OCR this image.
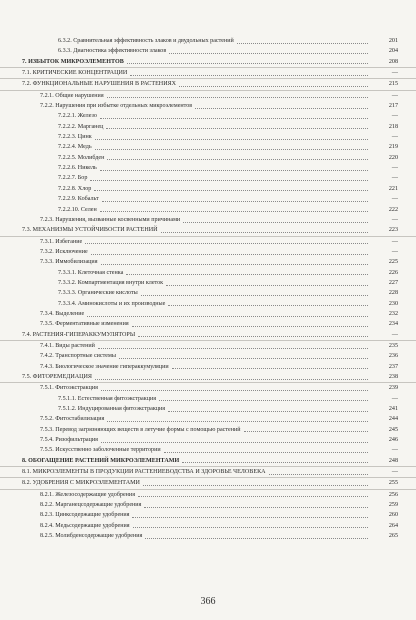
6.3.2. Сравнительная эффективность злаков и двудольных растений	201
6.3.3. Диагностика эффективности злаков	204
7. ИЗБЫТОК МИКРОЭЛЕМЕНТОВ	208
7.1. КРИТИЧЕСКИЕ КОНЦЕНТРАЦИИ	—
7.2. ФУНКЦИОНАЛЬНЫЕ НАРУШЕНИЯ В РАСТЕНИЯХ	215
7.2.1. Общие нарушения	—
7.2.2. Нарушения при избытке отдельных микроэлементов	217
7.2.2.1. Железо	—
7.2.2.2. Марганец	218
7.2.2.3. Цинк	—
7.2.2.4. Медь	219
7.2.2.5. Молибден	220
7.2.2.6. Никель	—
7.2.2.7. Бор	—
7.2.2.8. Хлор	221
7.2.2.9. Кобальт	—
7.2.2.10. Селен	222
7.2.3. Нарушения, вызванные косвенными причинами	—
7.3. МЕХАНИЗМЫ УСТОЙЧИВОСТИ РАСТЕНИЙ	223
7.3.1. Избегание	—
7.3.2. Исключение	—
7.3.3. Иммобилизация	225
7.3.3.1. Клеточная стенка	226
7.3.3.2. Компартментация внутри клеток	227
7.3.3.3. Органические кислоты	228
7.3.3.4. Аминокислоты и их производные	230
7.3.4. Выделение	232
7.3.5. Ферментативные изменения	234
7.4. РАСТЕНИЯ-ГИПЕРАККУМУЛЯТОРЫ	—
7.4.1. Виды растений	235
7.4.2. Транспортные системы	236
7.4.3. Биологическое значение гипераккумуляции	237
7.5. ФИТОРЕМЕДИАЦИЯ	238
7.5.1. Фитоэкстракция	239
7.5.1.1. Естественная фитоэкстракция	—
7.5.1.2. Индуцированная фитоэкстракция	241
7.5.2. Фитостабилизация	244
7.5.3. Перевод загрязняющих веществ в летучие формы с помощью растений	245
7.5.4. Ризофильтрация	246
7.5.5. Искусственно заболоченные территории	—
8. ОБОГАЩЕНИЕ РАСТЕНИЙ МИКРОЭЛЕМЕНТАМИ	248
8.1. МИКРОЭЛЕМЕНТЫ В ПРОДУКЦИИ РАСТЕНИЕВОДСТВА И ЗДОРОВЬЕ ЧЕЛОВЕКА	—
8.2. УДОБРЕНИЯ С МИКРОЭЛЕМЕНТАМИ	255
8.2.1. Железосодержащие удобрения	256
8.2.2. Марганецсодержащие удобрения	259
8.2.3. Цинксодержащие удобрения	260
8.2.4. Медьсодержащие удобрения	264
8.2.5. Молибденсодержащие удобрения	265
366
